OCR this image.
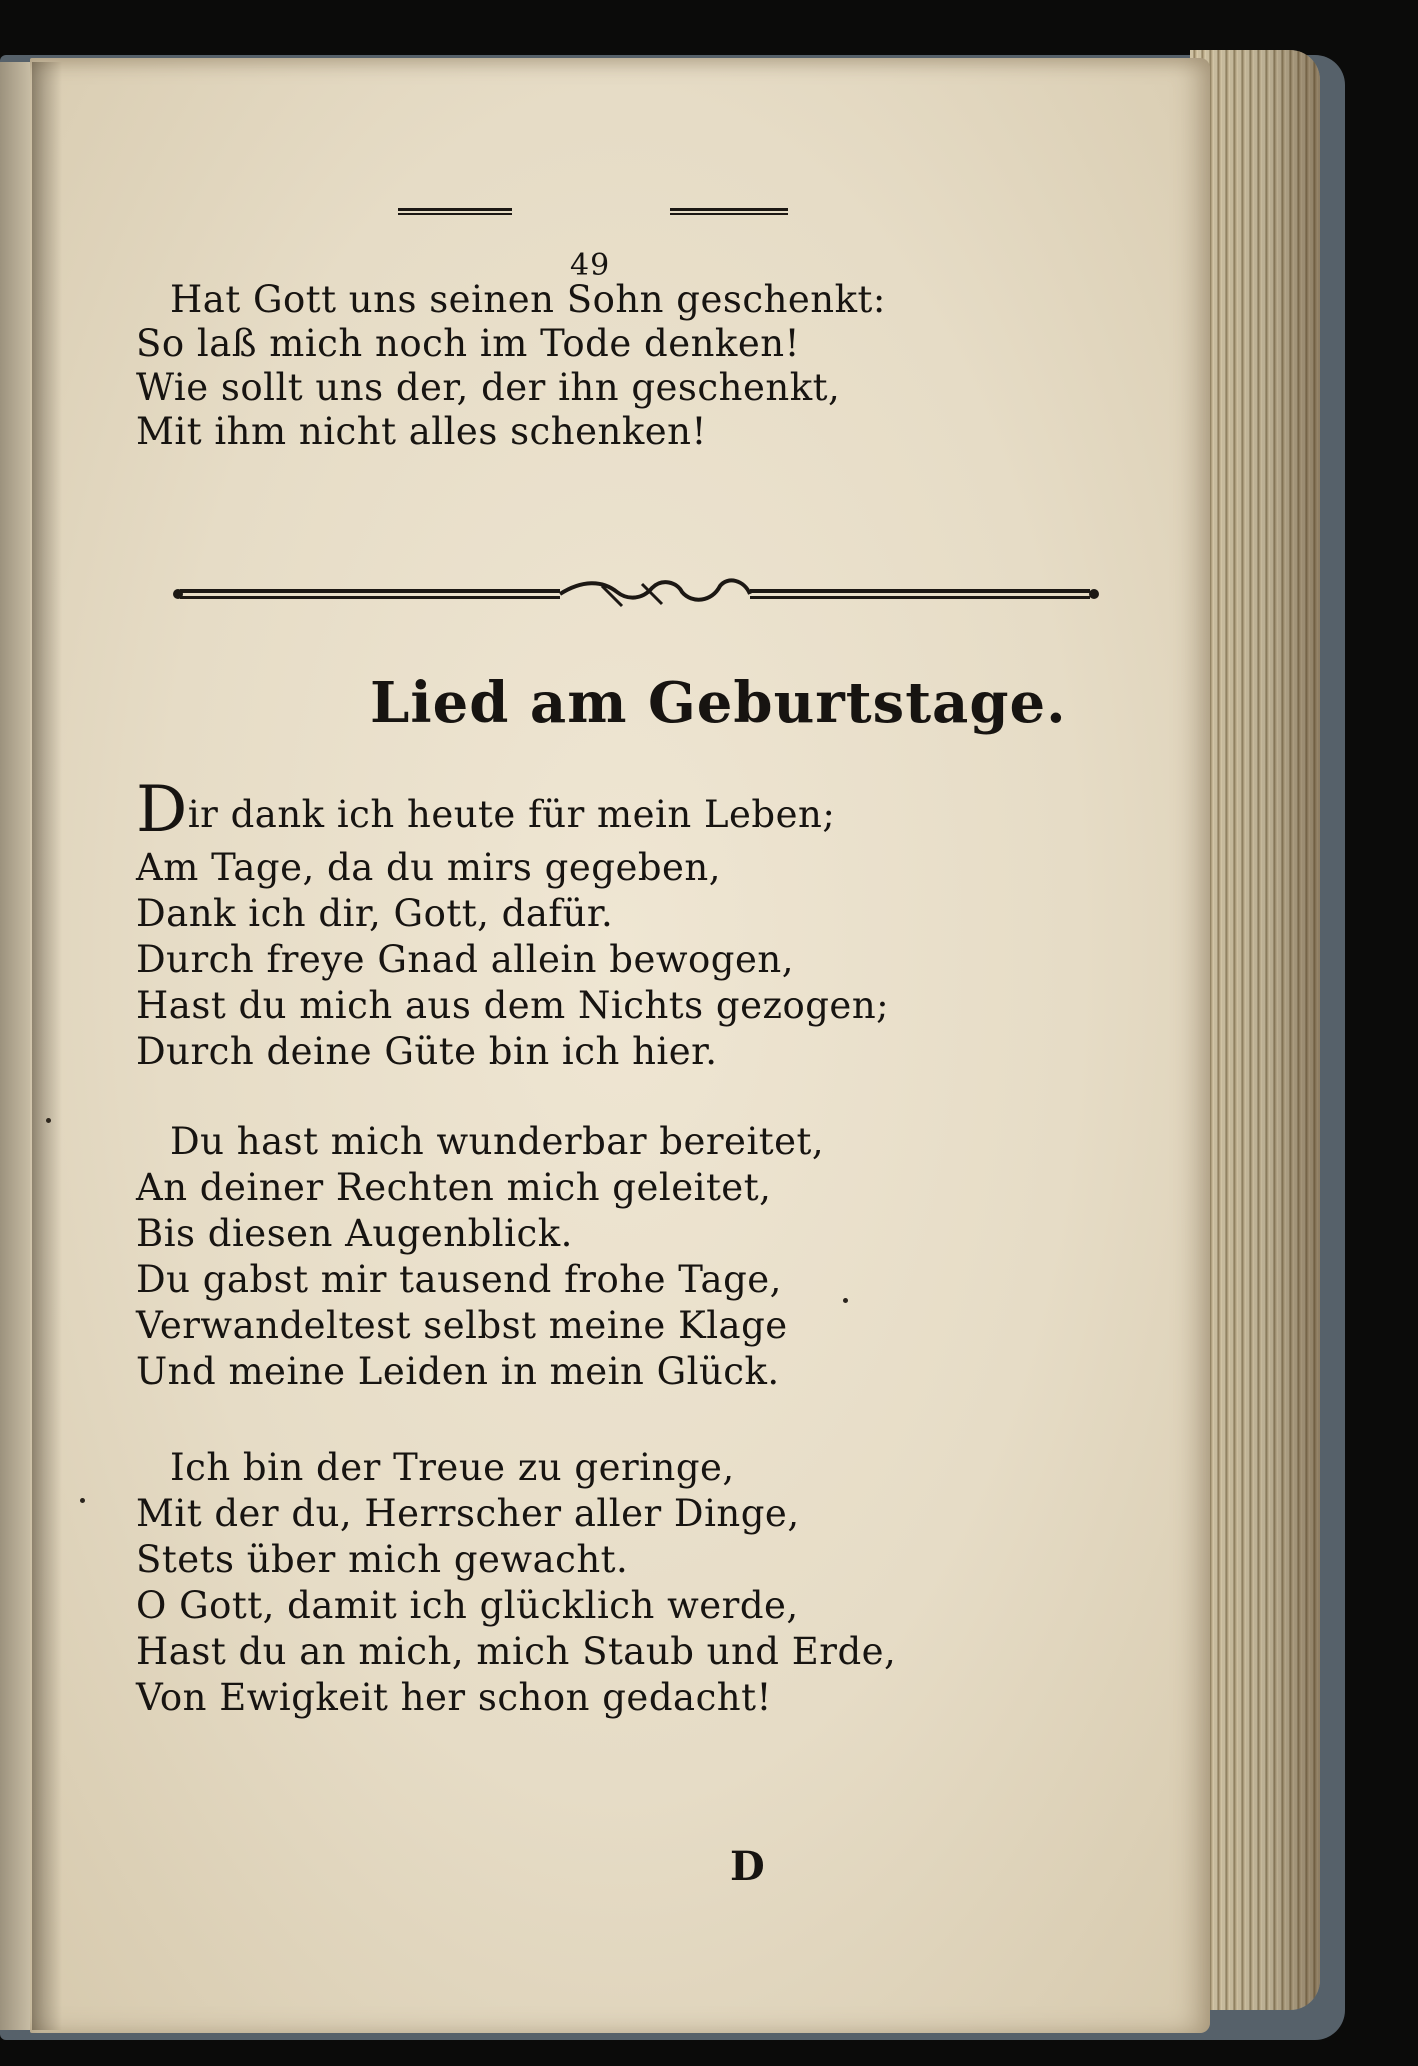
49
Hat Gott uns seinen Sohn geschenkt:
So laß mich noch im Tode denken!
Wie sollt uns der, der ihn geschenkt,
Mit ihm nicht alles schenken!
Lied am Geburtstage.
Dir dank ich heute für mein Leben;
Am Tage, da du mirs gegeben,
Dank ich dir, Gott, dafür.
Durch freye Gnad allein bewogen,
Hast du mich aus dem Nichts gezogen;
Durch deine Güte bin ich hier.
Du hast mich wunderbar bereitet,
An deiner Rechten mich geleitet,
Bis diesen Augenblick.
Du gabst mir tausend frohe Tage,
Verwandeltest selbst meine Klage
Und meine Leiden in mein Glück.
Ich bin der Treue zu geringe,
Mit der du, Herrscher aller Dinge,
Stets über mich gewacht.
O Gott, damit ich glücklich werde,
Hast du an mich, mich Staub und Erde,
Von Ewigkeit her schon gedacht!
D
